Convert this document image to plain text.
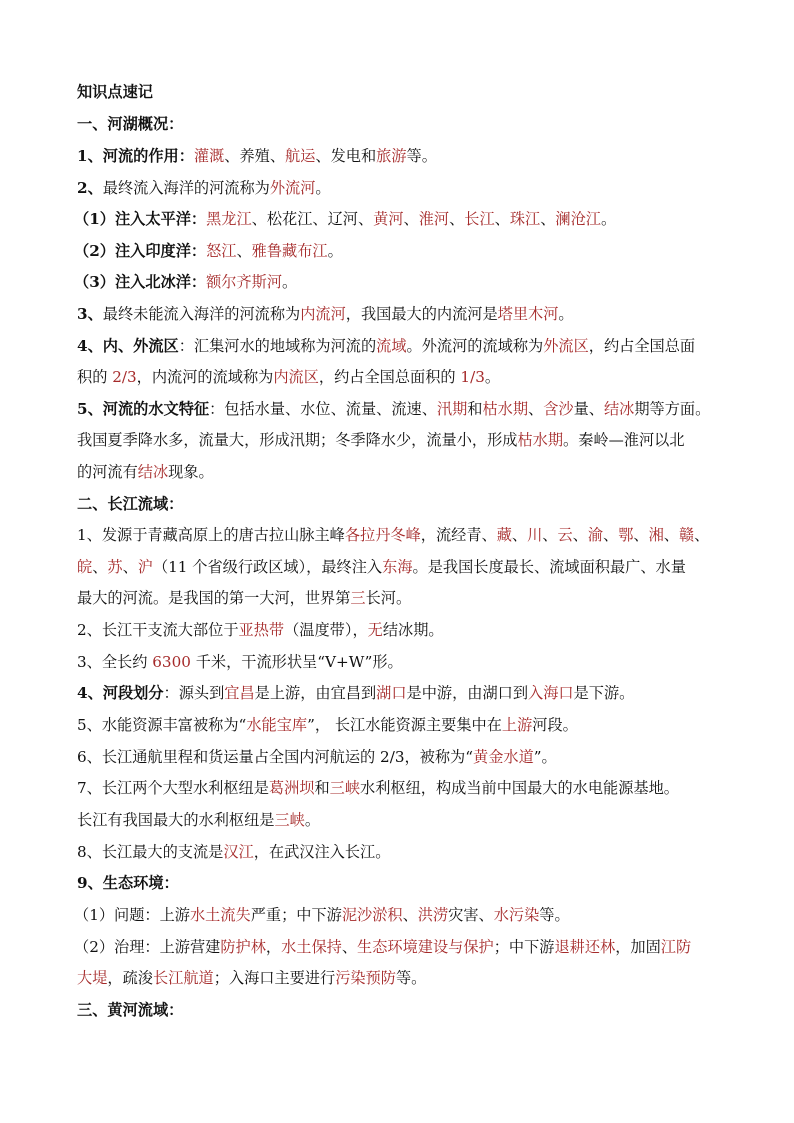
知识点速记
一、河湖概况：
1、河流的作用：灌溉、养殖、航运、发电和旅游等。
2、最终流入海洋的河流称为外流河。
（1）注入太平洋：黑龙江、松花江、辽河、黄河、淮河、长江、珠江、澜沧江。
（2）注入印度洋：怒江、雅鲁藏布江。
（3）注入北冰洋：额尔齐斯河。
3、最终未能流入海洋的河流称为内流河，我国最大的内流河是塔里木河。
4、内、外流区：汇集河水的地域称为河流的流域。外流河的流域称为外流区，约占全国总面
积的 2/3，内流河的流域称为内流区，约占全国总面积的 1/3。
5、河流的水文特征：包括水量、水位、流量、流速、汛期和枯水期、含沙量、结冰期等方面。
我国夏季降水多，流量大，形成汛期；冬季降水少，流量小，形成枯水期。秦岭—淮河以北
的河流有结冰现象。
二、长江流域：
1、发源于青藏高原上的唐古拉山脉主峰各拉丹冬峰，流经青、藏、川、云、渝、鄂、湘、赣、
皖、苏、沪（11 个省级行政区域），最终注入东海。是我国长度最长、流域面积最广、水量
最大的河流。是我国的第一大河，世界第三长河。
2、长江干支流大部位于亚热带（温度带），无结冰期。
3、全长约 6300 千米，干流形状呈“V+W”形。
4、河段划分：源头到宜昌是上游，由宜昌到湖口是中游，由湖口到入海口是下游。
5、水能资源丰富被称为“水能宝库”， 长江水能资源主要集中在上游河段。
6、长江通航里程和货运量占全国内河航运的 2/3，被称为“黄金水道”。
7、长江两个大型水利枢纽是葛洲坝和三峡水利枢纽，构成当前中国最大的水电能源基地。
长江有我国最大的水利枢纽是三峡。
8、长江最大的支流是汉江，在武汉注入长江。
9、生态环境：
（1）问题：上游水土流失严重；中下游泥沙淤积、洪涝灾害、水污染等。
（2）治理：上游营建防护林，水土保持、生态环境建设与保护；中下游退耕还林，加固江防
大堤，疏浚长江航道；入海口主要进行污染预防等。
三、黄河流域：
